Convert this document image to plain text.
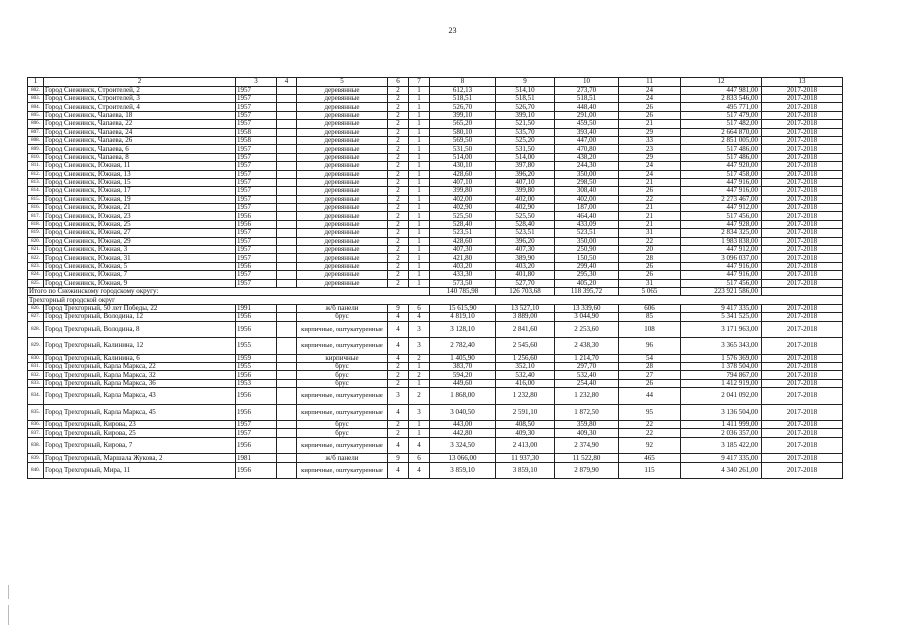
23
1	2	3	4	5	6	7	8	9	10	11	12	13
802.	Город Снежинск, Строителей, 2	1957		деревянные	2	1	612,13	514,10	273,70	24	447 981,00	2017-2018
803.	Город Снежинск, Строителей, 3	1957		деревянные	2	1	518,51	518,51	518,51	24	2 833 546,00	2017-2018
804.	Город Снежинск, Строителей, 4	1957		деревянные	2	1	526,70	526,70	448,40	26	495 771,00	2017-2018
805.	Город Снежинск, Чапаева, 18	1957		деревянные	2	1	399,10	399,10	291,00	26	517 479,00	2017-2018
806.	Город Снежинск, Чапаева, 22	1957		деревянные	2	1	565,20	521,50	459,50	21	517 482,00	2017-2018
807.	Город Снежинск, Чапаева, 24	1958		деревянные	2	1	580,10	535,70	393,40	29	2 664 870,00	2017-2018
808.	Город Снежинск, Чапаева, 26	1958		деревянные	2	1	569,50	525,20	447,00	33	2 851 005,00	2017-2018
809.	Город Снежинск, Чапаева, 6	1957		деревянные	2	1	531,50	531,50	470,80	23	517 486,00	2017-2018
810.	Город Снежинск, Чапаева, 8	1957		деревянные	2	1	514,00	514,00	438,20	29	517 486,00	2017-2018
811.	Город Снежинск, Южная, 11	1957		деревянные	2	1	430,10	397,80	244,30	24	447 920,00	2017-2018
812.	Город Снежинск, Южная, 13	1957		деревянные	2	1	428,60	396,20	350,00	24	517 458,00	2017-2018
813.	Город Снежинск, Южная, 15	1957		деревянные	2	1	407,10	407,10	298,50	21	447 916,00	2017-2018
814.	Город Снежинск, Южная, 17	1957		деревянные	2	1	399,80	399,80	308,40	26	447 916,00	2017-2018
815.	Город Снежинск, Южная, 19	1957		деревянные	2	1	402,00	402,00	402,00	22	2 273 467,00	2017-2018
816.	Город Снежинск, Южная, 21	1957		деревянные	2	1	402,90	402,90	187,00	21	447 912,00	2017-2018
817.	Город Снежинск, Южная, 23	1956		деревянные	2	1	525,50	525,50	464,40	21	517 456,00	2017-2018
818.	Город Снежинск, Южная, 25	1956		деревянные	2	1	528,40	528,40	433,09	21	447 928,00	2017-2018
819.	Город Снежинск, Южная, 27	1957		деревянные	2	1	523,51	523,51	523,51	31	2 834 325,00	2017-2018
820.	Город Снежинск, Южная, 29	1957		деревянные	2	1	428,60	396,20	350,00	22	1 983 838,00	2017-2018
821.	Город Снежинск, Южная, 3	1957		деревянные	2	1	407,30	407,30	250,90	20	447 912,00	2017-2018
822.	Город Снежинск, Южная, 31	1957		деревянные	2	1	421,80	389,90	150,50	28	3 096 037,00	2017-2018
823.	Город Снежинск, Южная, 5	1956		деревянные	2	1	403,20	403,20	299,40	26	447 916,00	2017-2018
824.	Город Снежинск, Южная, 7	1957		деревянные	2	1	433,30	401,80	295,30	26	447 916,00	2017-2018
825.	Город Снежинск, Южная, 9	1957		деревянные	2	1	573,50	527,70	405,20	31	517 456,00	2017-2018
Итого по Снежинскому городскому округу:							140 785,98	126 703,68	118 395,72	5 065	223 921 586,00	
Трехгорный городской округ												
826.	Город Трехгорный, 50 лет Победы, 22	1991		ж/б панели	9	6	15 615,90	13 527,10	13 339,60	606	9 417 335,00	2017-2018
827.	Город Трехгорный, Володина, 12	1956		брус	4	4	4 819,10	3 889,00	3 044,90	85	5 341 525,00	2017-2018
828.	Город Трехгорный, Володина, 8	1956		кирпичные, оштукатуренные	4	3	3 128,10	2 841,60	2 253,60	108	3 171 963,00	2017-2018
829.	Город Трехгорный, Калинина, 12	1955		кирпичные, оштукатуренные	4	3	2 782,40	2 545,60	2 438,30	96	3 365 343,00	2017-2018
830.	Город Трехгорный, Калинина, 6	1959		кирпичные	4	2	1 405,90	1 256,60	1 214,70	54	1 576 369,00	2017-2018
831.	Город Трехгорный, Карла Маркса, 22	1955		брус	2	1	383,70	352,10	297,70	28	1 378 504,00	2017-2018
832.	Город Трехгорный, Карла Маркса, 32	1956		брус	2	2	594,20	532,40	532,40	27	794 867,00	2017-2018
833.	Город Трехгорный, Карла Маркса, 36	1953		брус	2	1	449,60	416,00	254,40	26	1 412 919,00	2017-2018
834.	Город Трехгорный, Карла Маркса, 43	1956		кирпичные, оштукатуренные	3	2	1 868,00	1 232,80	1 232,80	44	2 041 092,00	2017-2018
835.	Город Трехгорный, Карла Маркса, 45	1956		кирпичные, оштукатуренные	4	3	3 040,50	2 591,10	1 872,50	95	3 136 504,00	2017-2018
836.	Город Трехгорный, Кирова, 23	1957		брус	2	1	443,00	408,50	359,80	22	1 411 999,00	2017-2018
837.	Город Трехгорный, Кирова, 25	1957		брус	2	1	442,80	409,30	409,30	22	2 036 357,00	2017-2018
838.	Город Трехгорный, Кирова, 7	1956		кирпичные, оштукатуренные	4	4	3 324,50	2 413,00	2 374,90	92	3 185 422,00	2017-2018
839.	Город Трехгорный, Маршала Жукова, 2	1981		ж/б панели	9	6	13 066,00	11 937,30	11 522,80	465	9 417 335,00	2017-2018
840.	Город Трехгорный, Мира, 11	1956		кирпичные, оштукатуренные	4	4	3 859,10	3 859,10	2 879,90	115	4 340 261,00	2017-2018
